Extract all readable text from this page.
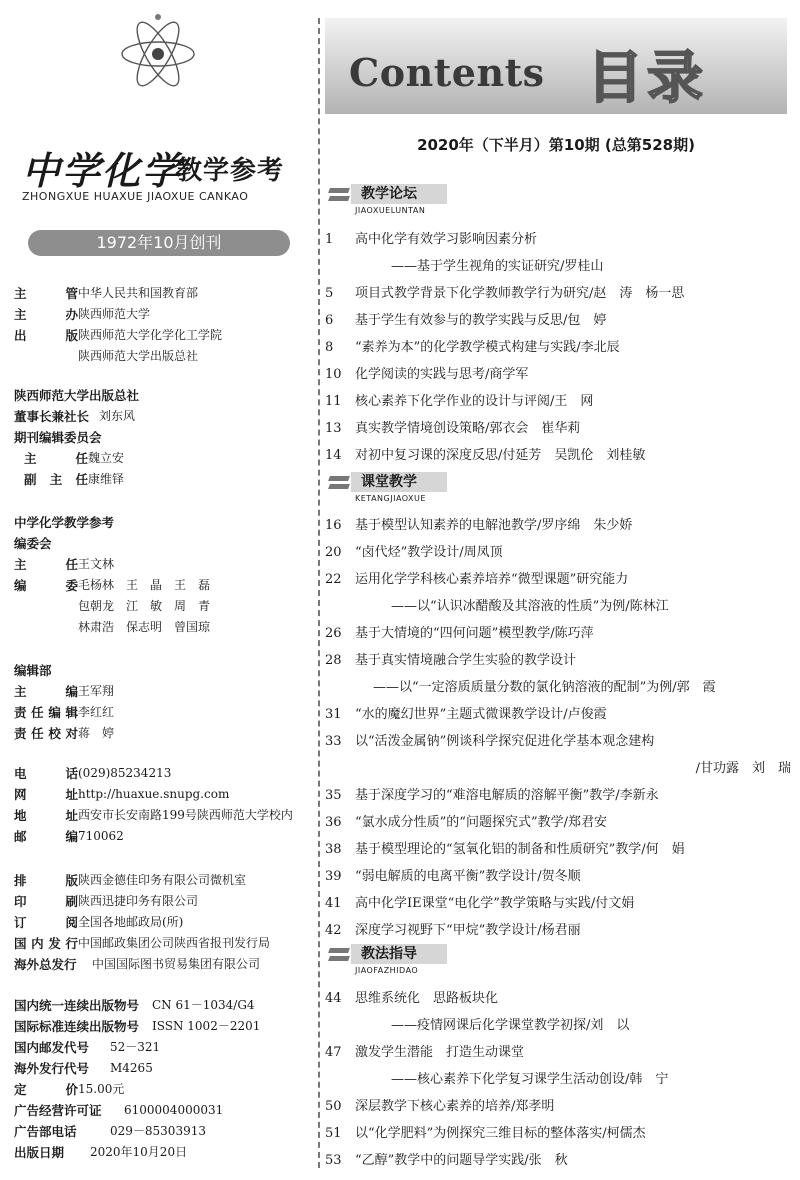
中学化学
教学参考
ZHONGXUE HUAXUE JIAOXUE CANKAO
1972年10月创刊
主　　管 中华人民共和国教育部
主　　办 陕西师范大学
出　　版 陕西师范大学化学化工学院
陕西师范大学出版总社
陕西师范大学出版总社
董事长兼社长 刘东风
期刊编辑委员会
主　　任 魏立安
副 主 任 康维铎
中学化学教学参考
编委会
主　　任 王文林
编　　委 毛杨林　王　晶　王　磊
包朝龙　江　敏　周　青
林肃浩　保志明　曾国琼
编辑部
主　　编 王军翔
责任编辑 李红红
责任校对 蒋　婷
电　　话 (029)85234213
网　　址 http://huaxue.snupg.com
地　　址 西安市长安南路199号陕西师范大学校内
邮　　编 710062
排　　版 陕西金德佳印务有限公司微机室
印　　刷 陕西迅捷印务有限公司
订　　阅 全国各地邮政局(所)
国内发行 中国邮政集团公司陕西省报刊发行局
海外总发行	中国国际图书贸易集团有限公司
国内统一连续出版物号	CN 61－1034/G4
国际标准连续出版物号	ISSN 1002－2201
国内邮发代号	52－321
海外发行代号	M4265
定　　价 15.00元
广告经营许可证	6100004000031
广告部电话	029－85303913
出版日期	2020年10月20日
Contents 目录
2020年（下半月）第10期 (总第528期)
教学论坛
JIAOXUELUNTAN
1	高中化学有效学习影响因素分析
——基于学生视角的实证研究/罗桂山
5	项目式教学背景下化学教师教学行为研究/赵　涛　杨一思
6	基于学生有效参与的教学实践与反思/包　婷
8	“素养为本”的化学教学模式构建与实践/李北辰
10	化学阅读的实践与思考/商学军
11	核心素养下化学作业的设计与评阅/王　网
13	真实教学情境创设策略/郭衣会　崔华莉
14	对初中复习课的深度反思/付延芳　吴凯伦　刘桂敏
课堂教学
KETANGJIAOXUE
16	基于模型认知素养的电解池教学/罗序绵　朱少娇
20	“卤代烃”教学设计/周凤顶
22	运用化学学科核心素养培养“微型课题”研究能力
——以“认识冰醋酸及其溶液的性质”为例/陈林江
26	基于大情境的“四何问题”模型教学/陈巧萍
28	基于真实情境融合学生实验的教学设计
——以“一定溶质质量分数的氯化钠溶液的配制”为例/郭　霞
31	“水的魔幻世界”主题式微课教学设计/卢俊霞
33	以“活泼金属钠”例谈科学探究促进化学基本观念建构
/甘功露　刘　瑞
35	基于深度学习的“难溶电解质的溶解平衡”教学/李新永
36	“氯水成分性质”的“问题探究式”教学/郑君安
38	基于模型理论的“氢氧化铝的制备和性质研究”教学/何　娟
39	“弱电解质的电离平衡”教学设计/贺冬顺
41	高中化学IE课堂“电化学”教学策略与实践/付文娟
42	深度学习视野下“甲烷”教学设计/杨君丽
教法指导
JIAOFAZHIDAO
44	思维系统化　思路板块化
——疫情网课后化学课堂教学初探/刘　以
47	激发学生潜能　打造生动课堂
——核心素养下化学复习课学生活动创设/韩　宁
50	深层教学下核心素养的培养/郑孝明
51	以“化学肥料”为例探究三维目标的整体落实/柯儒杰
53	“乙醇”教学中的问题导学实践/张　秋
